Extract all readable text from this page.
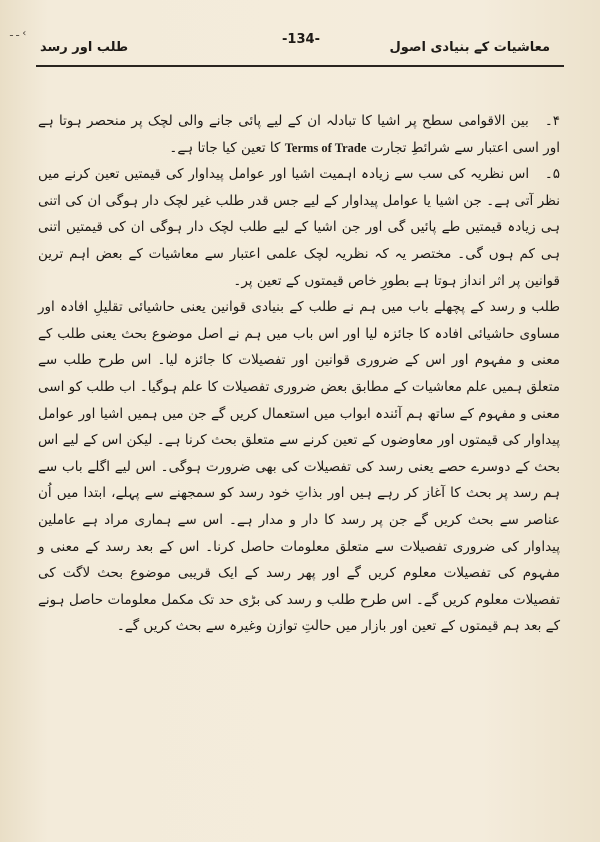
ـ ـ ‹
معاشیات کے بنیادی اصول
-134-
طلب اور رسد

۴۔ بین الاقوامی سطح پر اشیا کا تبادلہ ان کے لیے پائی جانے والی لچک پر منحصر ہوتا ہے اور اسی اعتبار سے شرائطِ تجارت Terms of Trade کا تعین کیا جاتا ہے۔

۵۔ اس نظریہ کی سب سے زیادہ اہمیت اشیا اور عوامل پیداوار کی قیمتیں تعین کرنے میں نظر آتی ہے۔ جن اشیا یا عوامل پیداوار کے لیے جس قدر طلب غیر لچک دار ہوگی ان کی اتنی ہی زیادہ قیمتیں طے پائیں گی اور جن اشیا کے لیے طلب لچک دار ہوگی ان کی قیمتیں اتنی ہی کم ہوں گی۔ مختصر یہ کہ نظریہ لچک علمی اعتبار سے معاشیات کے بعض اہم ترین قوانین پر اثر انداز ہوتا ہے بطورِ خاص قیمتوں کے تعین پر۔

طلب و رسد کے پچھلے باب میں ہم نے طلب کے بنیادی قوانین یعنی حاشیائی تقلیلِ افادہ اور مساوی حاشیائی افادہ کا جائزہ لیا اور اس باب میں ہم نے اصل موضوع بحث یعنی طلب کے معنی و مفہوم اور اس کے ضروری قوانین اور تفصیلات کا جائزہ لیا۔ اس طرح طلب سے متعلق ہمیں علم معاشیات کے مطابق بعض ضروری تفصیلات کا علم ہوگیا۔ اب طلب کو اسی معنی و مفہوم کے ساتھ ہم آئندہ ابواب میں استعمال کریں گے جن میں ہمیں اشیا اور عوامل پیداوار کی قیمتوں اور معاوضوں کے تعین کرنے سے متعلق بحث کرنا ہے۔ لیکن اس کے لیے اس بحث کے دوسرے حصے یعنی رسد کی تفصیلات کی بھی ضرورت ہوگی۔ اس لیے اگلے باب سے ہم رسد پر بحث کا آغاز کر رہے ہیں اور بذاتِ خود رسد کو سمجھنے سے پہلے، ابتدا میں اُن عناصر سے بحث کریں گے جن پر رسد کا دار و مدار ہے۔ اس سے ہماری مراد ہے عاملین پیداوار کی ضروری تفصیلات سے متعلق معلومات حاصل کرنا۔ اس کے بعد رسد کے معنی و مفہوم کی تفصیلات معلوم کریں گے اور پھر رسد کے ایک قریبی موضوع بحث لاگت کی تفصیلات معلوم کریں گے۔ اس طرح طلب و رسد کی بڑی حد تک مکمل معلومات حاصل ہونے کے بعد ہم قیمتوں کے تعین اور بازار میں حالتِ توازن وغیرہ سے بحث کریں گے۔
